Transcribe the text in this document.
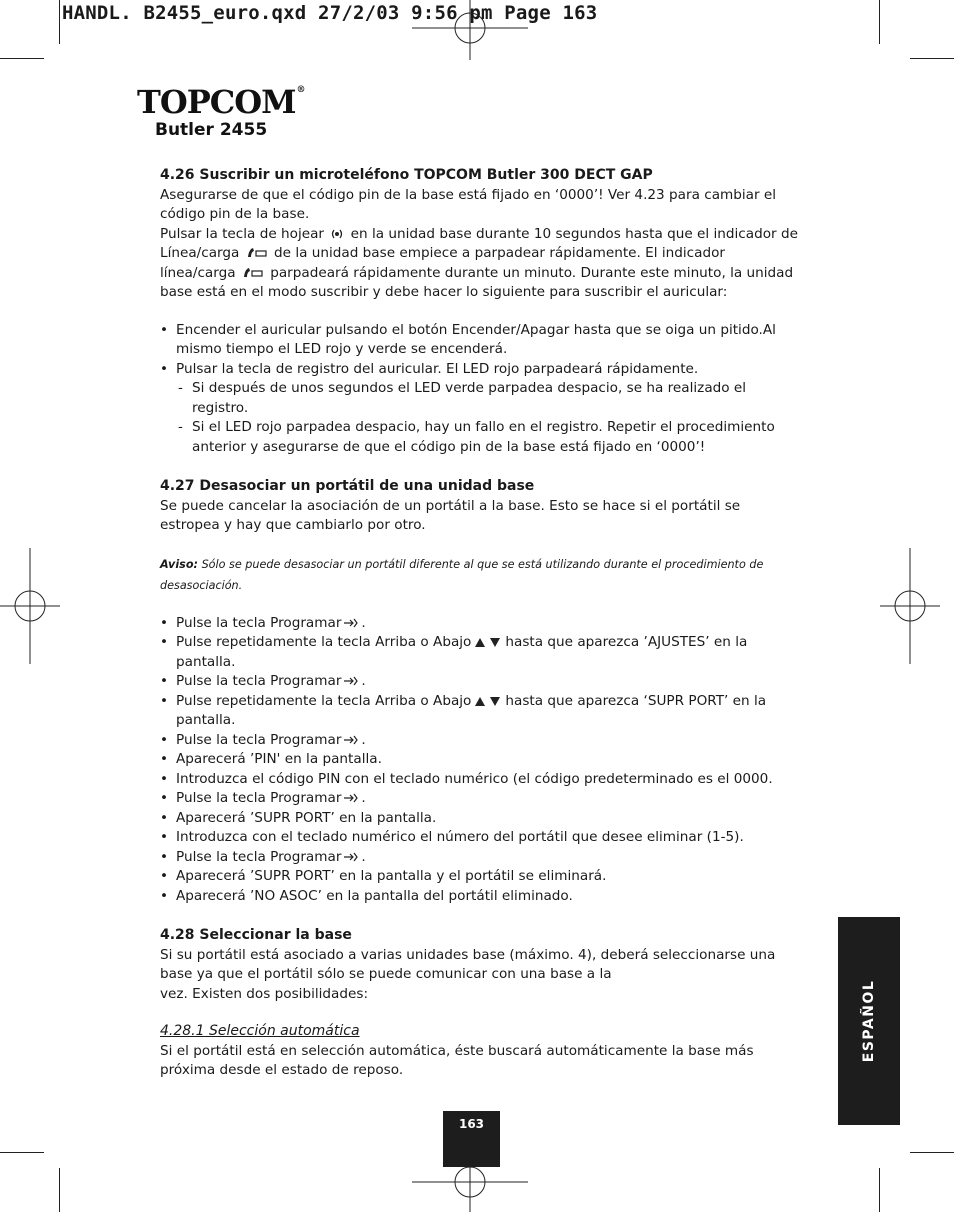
HANDL. B2455_euro.qxd 27/2/03 9:56 pm Page 163
TOPCOM®
Butler 2455

4.26 Suscribir un microteléfono TOPCOM Butler 300 DECT GAP

Asegurarse de que el código pin de la base está fijado en ‘0000’! Ver 4.23 para cambiar el código pin de la base.

Pulsar la tecla de hojear en la unidad base durante 10 segundos hasta que el indicador de Línea/carga	de la unidad base empiece a parpadear rápidamente. El indicador línea/carga	parpadeará rápidamente durante un minuto. Durante este minuto, la unidad base está en el modo suscribir y debe hacer lo siguiente para suscribir el auricular:

• Encender el auricular pulsando el botón Encender/Apagar hasta que se oiga un pitido.Al mismo tiempo el LED rojo y verde se encenderá.
• Pulsar la tecla de registro del auricular. El LED rojo parpadeará rápidamente.
- Si después de unos segundos el LED verde parpadea despacio, se ha realizado el registro.
- Si el LED rojo parpadea despacio, hay un fallo en el registro. Repetir el procedimiento anterior y asegurarse de que el código pin de la base está fijado en ‘0000’!

4.27 Desasociar un portátil de una unidad base

Se puede cancelar la asociación de un portátil a la base. Esto se hace si el portátil se estropea y hay que cambiarlo por otro.

Aviso: Sólo se puede desasociar un portátil diferente al que se está utilizando durante el procedimiento de desasociación.

• Pulse la tecla Programar .
• Pulse repetidamente la tecla Arriba o Abajo	hasta que aparezca ’AJUSTES’ en la pantalla.
• Pulse la tecla Programar .
• Pulse repetidamente la tecla Arriba o Abajo	hasta que aparezca ‘SUPR PORT’ en la pantalla.
• Pulse la tecla Programar .
• Aparecerá ’PIN' en la pantalla.
• Introduzca el código PIN con el teclado numérico (el código predeterminado es el 0000.
• Pulse la tecla Programar .
• Aparecerá ’SUPR PORT’ en la pantalla.
• Introduzca con el teclado numérico el número del portátil que desee eliminar (1-5).
• Pulse la tecla Programar .
• Aparecerá ’SUPR PORT’ en la pantalla y el portátil se eliminará.
• Aparecerá ’NO ASOC’ en la pantalla del portátil eliminado.

4.28 Seleccionar la base

Si su portátil está asociado a varias unidades base (máximo. 4), deberá seleccionarse una base ya que el portátil sólo se puede comunicar con una base a la

vez. Existen dos posibilidades:

4.28.1 Selección automática

Si el portátil está en selección automática, éste buscará automáticamente la base más próxima desde el estado de reposo.

ESPAÑOL
163
